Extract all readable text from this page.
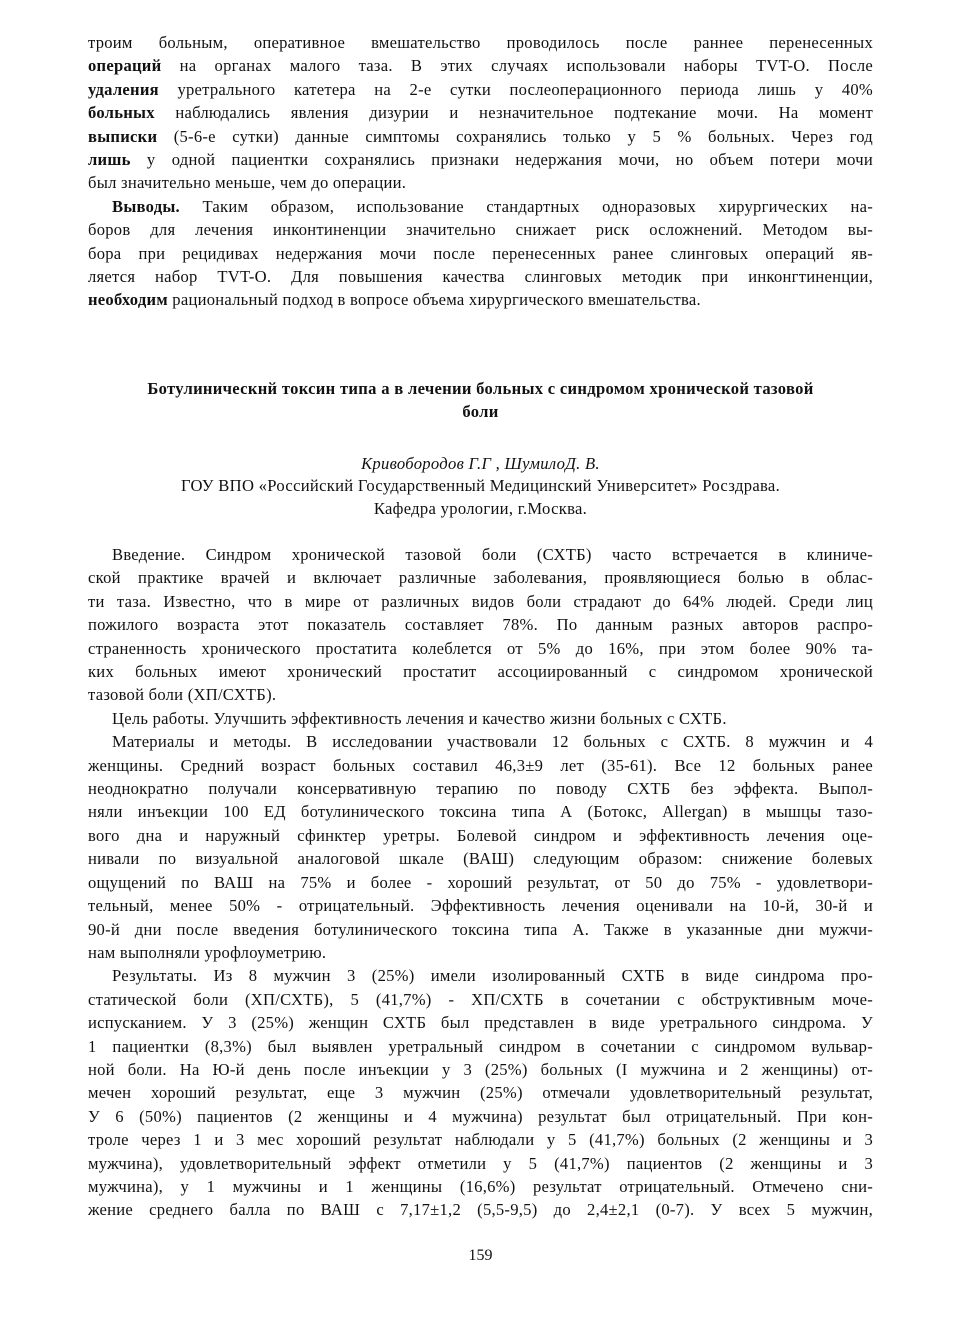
троим больным, оперативное вмешательство проводилось после раннее перенесенных

операций на органах малого таза. В этих случаях использовали наборы TVT-O. После

удаления уретрального катетера на 2-е сутки послеоперационного периода лишь у 40%

больных наблюдались явления дизурии и незначительное подтекание мочи. На момент

выписки (5-6-е сутки) данные симптомы сохранялись только у 5 % больных. Через год

лишь у одной пациентки сохранялись признаки недержания мочи, но объем потери мочи

был значительно меньше, чем до операции.

Выводы. Таким образом, использование стандартных одноразовых хирургических на-

боров для лечения инконтиненции значительно снижает риск осложнений. Методом вы-

бора при рецидивах недержания мочи после перенесенных ранее слинговых операций яв-

ляется набор TVT-O. Для повышения качества слинговых методик при инконгтиненции,

необходим рациональный подход в вопросе объема хирургического вмешательства.

Ботулиническнй токсин типа а в лечении больных с синдромом хронической тазовой
боли

Кривобородов Г.Г , ШумилоД. В.

ГОУ ВПО «Российский Государственный Медицинский Университет» Росздрава.

Кафедра урологии, г.Москва.

Введение. Синдром хронической тазовой боли (СХТБ) часто встречается в клиниче-

ской практике врачей и включает различные заболевания, проявляющиеся болью в облас-

ти таза. Известно, что в мире от различных видов боли страдают до 64% людей. Среди лиц

пожилого возраста этот показатель составляет 78%. По данным разных авторов распро-

страненность хронического простатита колеблется от 5% до 16%, при этом более 90% та-

ких больных имеют хронический простатит ассоциированный с синдромом хронической

тазовой боли (ХП/СХТБ).

Цель работы. Улучшить эффективность лечения и качество жизни больных с СХТБ.

Материалы и методы. В исследовании участвовали 12 больных с СХТБ. 8 мужчин и 4

женщины. Средний возраст больных составил 46,3±9 лет (35-61). Все 12 больных ранее

неоднократно получали консервативную терапию по поводу СХТБ без эффекта. Выпол-

няли инъекции 100 ЕД ботулинического токсина типа А (Ботокс, Allergan) в мышцы тазо-

вого дна и наружный сфинктер уретры. Болевой синдром и эффективность лечения оце-

нивали по визуальной аналоговой шкале (ВАШ) следующим образом: снижение болевых

ощущений по ВАШ на 75% и более - хороший результат, от 50 до 75% - удовлетвори-

тельный, менее 50% - отрицательный. Эффективность лечения оценивали на 10-й, 30-й и

90-й дни после введения ботулинического токсина типа А. Также в указанные дни мужчи-

нам выполняли урофлоуметрию.

Результаты. Из 8 мужчин 3 (25%) имели изолированный СХТБ в виде синдрома про-

статической боли (ХП/СХТБ), 5 (41,7%) - ХП/СХТБ в сочетании с обструктивным моче-

испусканием. У 3 (25%) женщин СХТБ был представлен в виде уретрального синдрома. У

1 пациентки (8,3%) был выявлен уретральный синдром в сочетании с синдромом вульвар-

ной боли. На Ю-й день после инъекции у 3 (25%) больных (I мужчина и 2 женщины) от-

мечен хороший результат, еще 3 мужчин (25%) отмечали удовлетворительный результат,

У 6 (50%) пациентов (2 женщины и 4 мужчина) результат был отрицательный. При кон-

троле через 1 и 3 мес хороший результат наблюдали у 5 (41,7%) больных (2 женщины и 3

мужчина), удовлетворительный эффект отметили у 5 (41,7%) пациентов (2 женщины и 3

мужчина), у 1 мужчины и 1 женщины (16,6%) результат отрицательный. Отмечено сни-

жение среднего балла по ВАШ с 7,17±1,2 (5,5-9,5) до 2,4±2,1 (0-7). У всех 5 мужчин,

159
